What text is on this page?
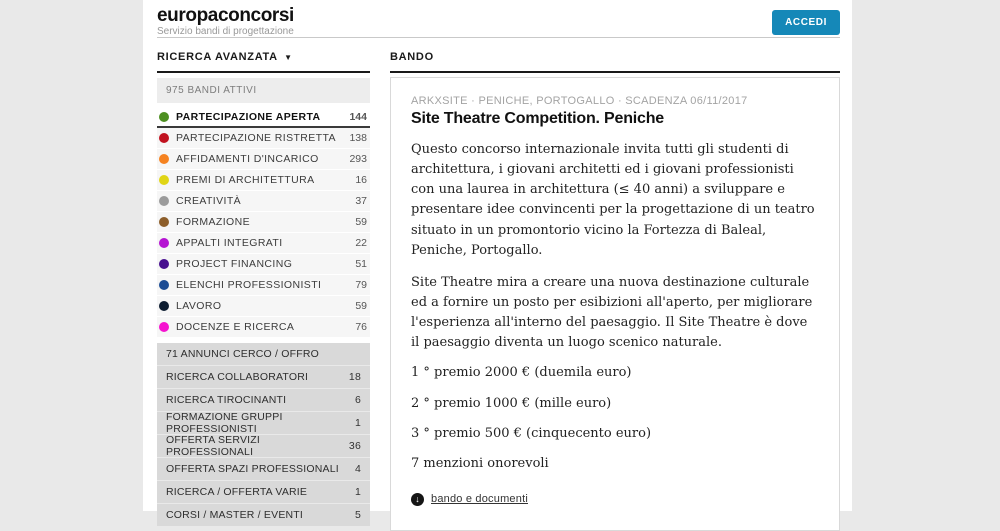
europaconcorsi
Servizio bandi di progettazione
ACCEDI
RICERCA AVANZATA ▼
975 BANDI ATTIVI
PARTECIPAZIONE APERTA	144
PARTECIPAZIONE RISTRETTA 138
AFFIDAMENTI D'INCARICO	293
PREMI DI ARCHITETTURA	16
CREATIVITÀ	37
FORMAZIONE	59
APPALTI INTEGRATI	22
PROJECT FINANCING	51
ELENCHI PROFESSIONISTI	79
LAVORO	59
DOCENZE E RICERCA	76
71 ANNUNCI CERCO / OFFRO
RICERCA COLLABORATORI	18
RICERCA TIROCINANTI	6
FORMAZIONE GRUPPI PROFESSIONISTI	1
OFFERTA SERVIZI PROFESSIONALI	36
OFFERTA SPAZI PROFESSIONALI 4
RICERCA / OFFERTA VARIE	1
CORSI / MASTER / EVENTI	5
BANDO
ARKXSITE · PENICHE, PORTOGALLO · SCADENZA 06/11/2017
Site Theatre Competition. Peniche

Questo concorso internazionale invita tutti gli studenti di architettura, i giovani architetti ed i giovani professionisti con una laurea in architettura (≤ 40 anni) a sviluppare e presentare idee convincenti per la progettazione di un teatro situato in un promontorio vicino la Fortezza di Baleal, Peniche, Portogallo.

Site Theatre mira a creare una nuova destinazione culturale ed a fornire un posto per esibizioni all'aperto, per migliorare l'esperienza all'interno del paesaggio. Il Site Theatre è dove il paesaggio diventa un luogo scenico naturale.

1 ° premio 2000 € (duemila euro)

2 ° premio 1000 € (mille euro)

3 ° premio 500 € (cinquecento euro)

7 menzioni onorevoli

↓	bando e documenti
